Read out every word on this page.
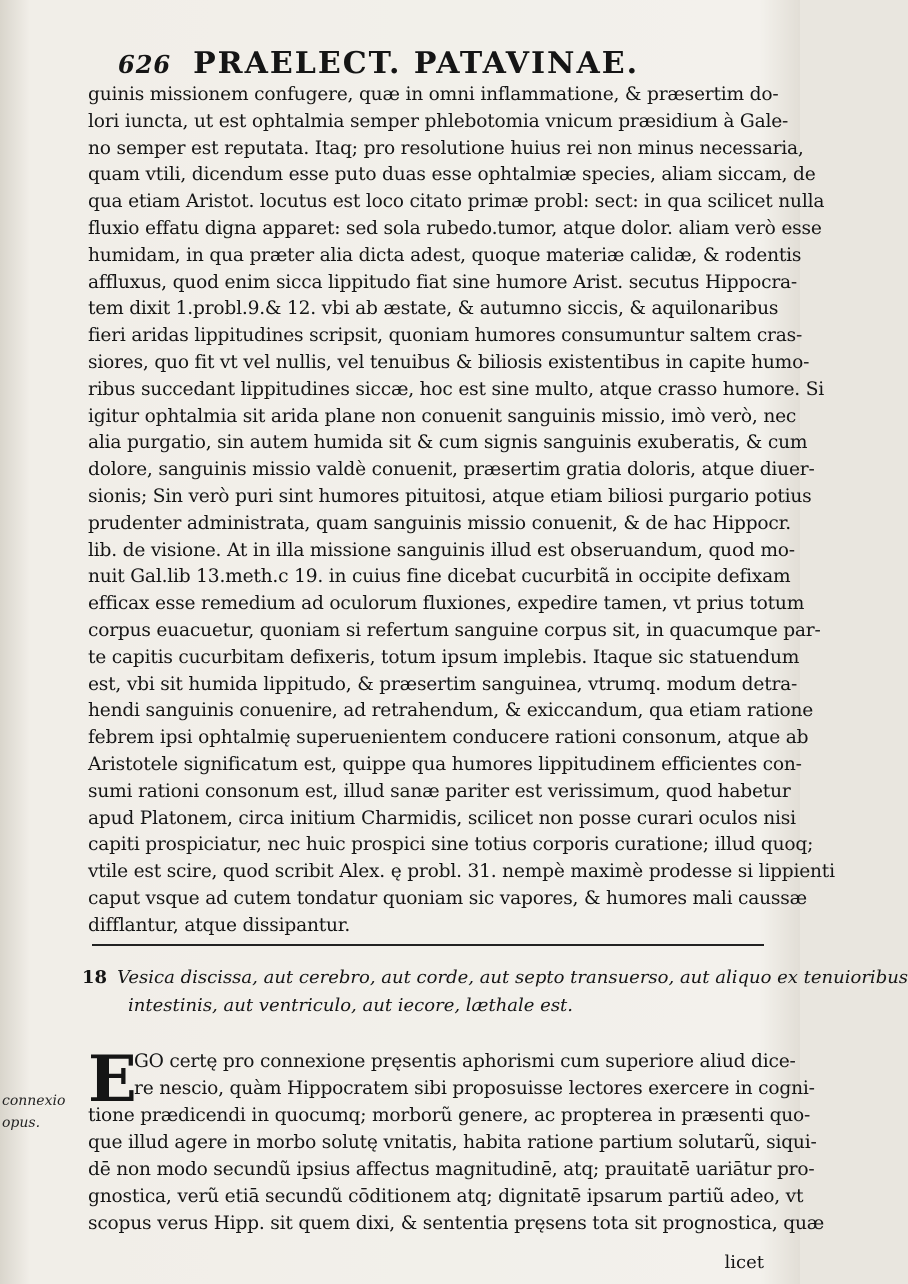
626 PRAELECT. PATAVINAE.
guinis missionem confugere, quæ in omni inflammatione, & præsertim do-
lori iuncta, ut est ophtalmia semper phlebotomia vnicum præsidium à Gale-
no semper est reputata. Itaq; pro resolutione huius rei non minus necessaria,
quam vtili, dicendum esse puto duas esse ophtalmiæ species, aliam siccam, de
qua etiam Aristot. locutus est loco citato primæ probl: sect: in qua scilicet nulla
fluxio effatu digna apparet: sed sola rubedo.tumor, atque dolor. aliam verò esse
humidam, in qua præter alia dicta adest, quoque materiæ calidæ, & rodentis
affluxus, quod enim sicca lippitudo fiat sine humore Arist. secutus Hippocra-
tem dixit 1.probl.9.& 12. vbi ab æstate, & autumno siccis, & aquilonaribus
fieri aridas lippitudines scripsit, quoniam humores consumuntur saltem cras-
siores, quo fit vt vel nullis, vel tenuibus & biliosis existentibus in capite humo-
ribus succedant lippitudines siccæ, hoc est sine multo, atque crasso humore. Si
igitur ophtalmia sit arida plane non conuenit sanguinis missio, imò verò, nec
alia purgatio, sin autem humida sit & cum signis sanguinis exuberatis, & cum
dolore, sanguinis missio valdè conuenit, præsertim gratia doloris, atque diuer-
sionis; Sin verò puri sint humores pituitosi, atque etiam biliosi purgario potius
prudenter administrata, quam sanguinis missio conuenit, & de hac Hippocr.
lib. de visione. At in illa missione sanguinis illud est obseruandum, quod mo-
nuit Gal.lib 13.meth.c 19. in cuius fine dicebat cucurbitã in occipite defixam
efficax esse remedium ad oculorum fluxiones, expedire tamen, vt prius totum
corpus euacuetur, quoniam si refertum sanguine corpus sit, in quacumque par-
te capitis cucurbitam defixeris, totum ipsum implebis. Itaque sic statuendum
est, vbi sit humida lippitudo, & præsertim sanguinea, vtrumq. modum detra-
hendi sanguinis conuenire, ad retrahendum, & exiccandum, qua etiam ratione
febrem ipsi ophtalmię superuenientem conducere rationi consonum, atque ab
Aristotele significatum est, quippe qua humores lippitudinem efficientes con-
sumi rationi consonum est, illud sanæ pariter est verissimum, quod habetur
apud Platonem, circa initium Charmidis, scilicet non posse curari oculos nisi
capiti prospiciatur, nec huic prospici sine totius corporis curatione; illud quoq;
vtile est scire, quod scribit Alex. ę probl. 31. nempè maximè prodesse si lippienti
caput vsque ad cutem tondatur quoniam sic vapores, & humores mali caussæ
difflantur, atque dissipantur.
18 Vesica discissa, aut cerebro, aut corde, aut septo transuerso, aut aliquo ex tenuioribus
intestinis, aut ventriculo, aut iecore, læthale est.
E
GO certę pro connexione pręsentis aphorismi cum superiore aliud dice-
re nescio, quàm Hippocratem sibi proposuisse lectores exercere in cogni-
tione prædicendi in quocumq; morborũ genere, ac propterea in præsenti quo-
que illud agere in morbo solutę vnitatis, habita ratione partium solutarũ, siqui-
dē non modo secundũ ipsius affectus magnitudinē, atq; prauitatē uariātur pro-
gnostica, verũ etiā secundũ cōditionem atq; dignitatē ipsarum partiũ adeo, vt
scopus verus Hipp. sit quem dixi, & sententia pręsens tota sit prognostica, quæ
connexio
opus.
licet
